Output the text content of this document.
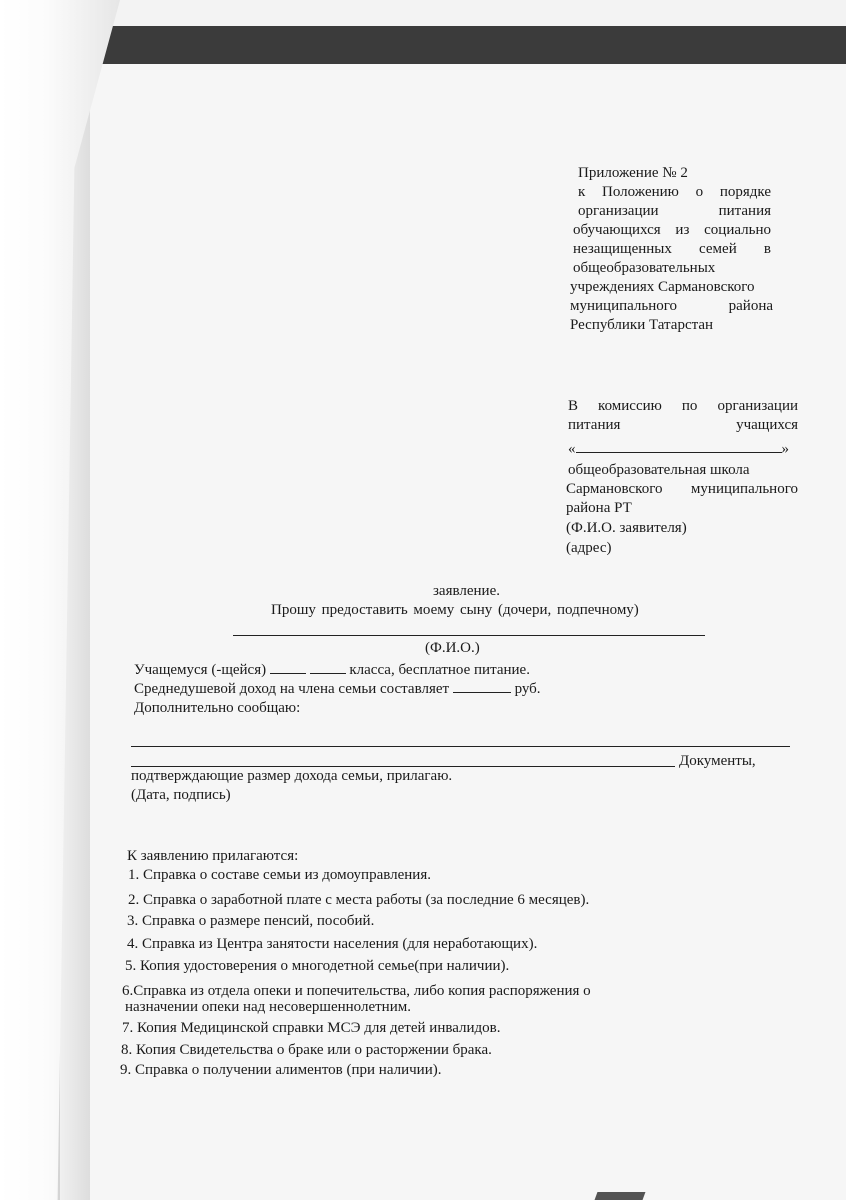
Приложение № 2
к Положению о порядке
организации питания
обучающихся из социально
незащищенных семей в
общеобразовательных
учреждениях Сармановского
муниципального района
Республики Татарстан
В комиссию по организации
питания учащихся
«	»
общеобразовательная школа
Сармановского муниципального
района РТ
(Ф.И.О. заявителя)
(адрес)
заявление.
Прошу предоставить моему сыну (дочери, подпечному)
(Ф.И.О.)
Учащемуся (-щейся)	класса, бесплатное питание.
Среднедушевой доход на члена семьи составляет	руб.
Дополнительно сообщаю:
Документы,
подтверждающие размер дохода семьи, прилагаю.
(Дата, подпись)
К заявлению прилагаются:
1. Справка о составе семьи из домоуправления.
2. Справка о заработной плате с места работы (за последние 6 месяцев).
3. Справка о размере пенсий, пособий.
4. Справка из Центра занятости населения (для неработающих).
5. Копия удостоверения о многодетной семье(при наличии).
6.Справка из отдела опеки и попечительства, либо копия распоряжения о
назначении опеки над несовершеннолетним.
7. Копия Медицинской справки МСЭ для детей инвалидов.
8. Копия Свидетельства о браке или о расторжении брака.
9. Справка о получении алиментов (при наличии).
